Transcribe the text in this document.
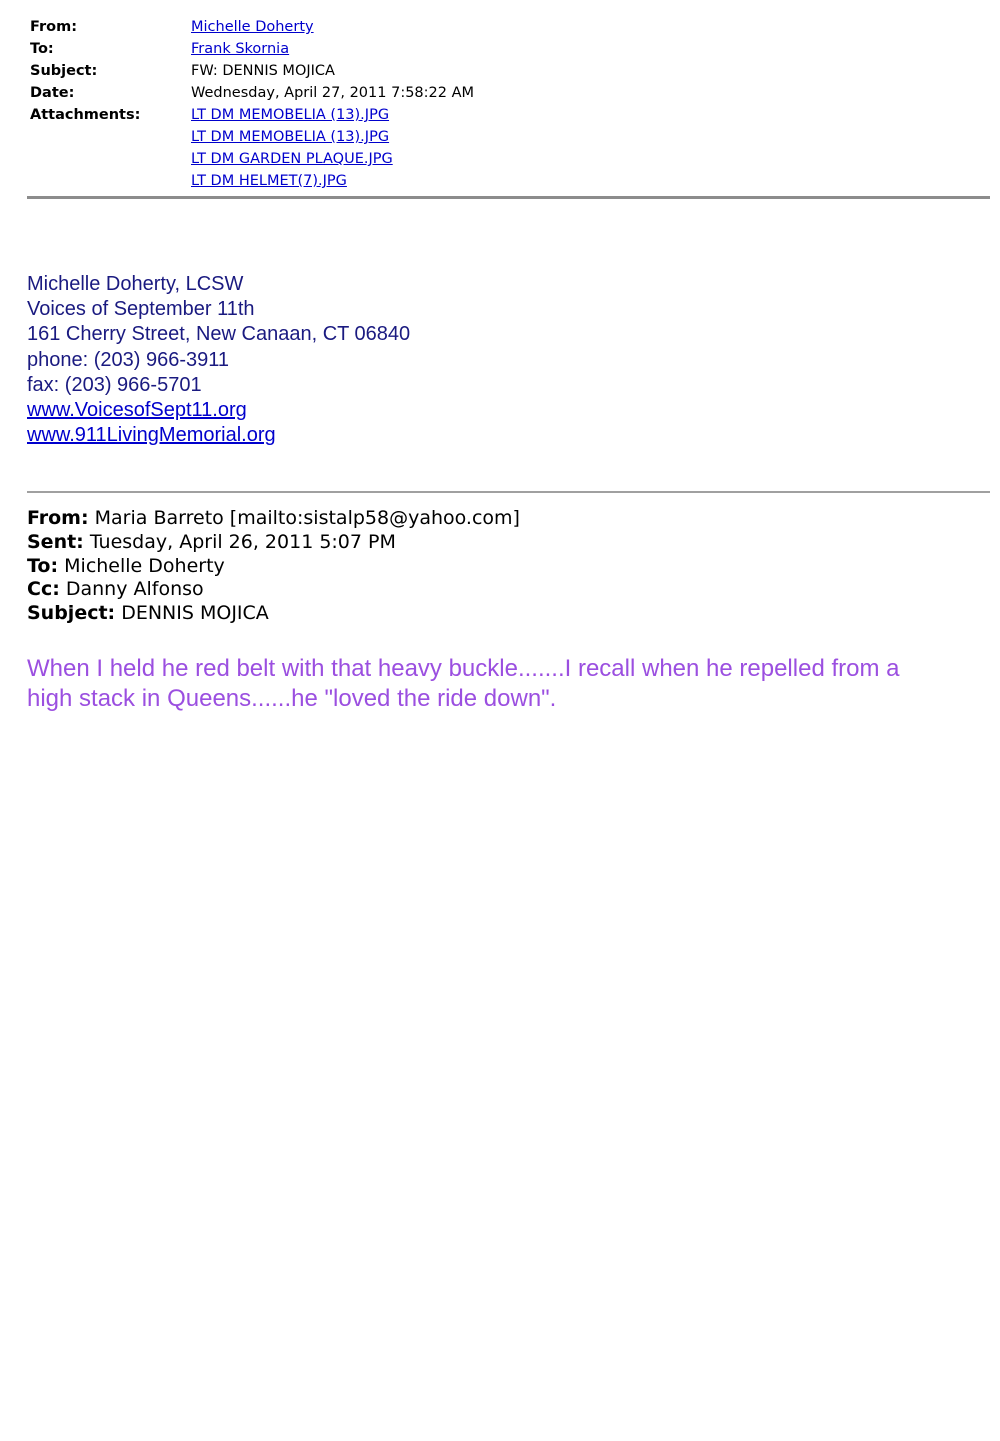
From:	Michelle Doherty
To:	Frank Skornia
Subject:	FW: DENNIS MOJICA
Date:	Wednesday, April 27, 2011 7:58:22 AM
Attachments:	LT DM MEMOBELIA (13).JPG
LT DM MEMOBELIA (13).JPG
LT DM GARDEN PLAQUE.JPG
LT DM HELMET(7).JPG
Michelle Doherty, LCSW
Voices of September 11th
161 Cherry Street, New Canaan, CT 06840
phone: (203) 966-3911
fax: (203) 966-5701
www.VoicesofSept11.org
www.911LivingMemorial.org
From: Maria Barreto [mailto:sistalp58@yahoo.com]
Sent: Tuesday, April 26, 2011 5:07 PM
To: Michelle Doherty
Cc: Danny Alfonso
Subject: DENNIS MOJICA
When I held he red belt with that heavy buckle.......I recall when he repelled from a
high stack in Queens......he "loved the ride down".
